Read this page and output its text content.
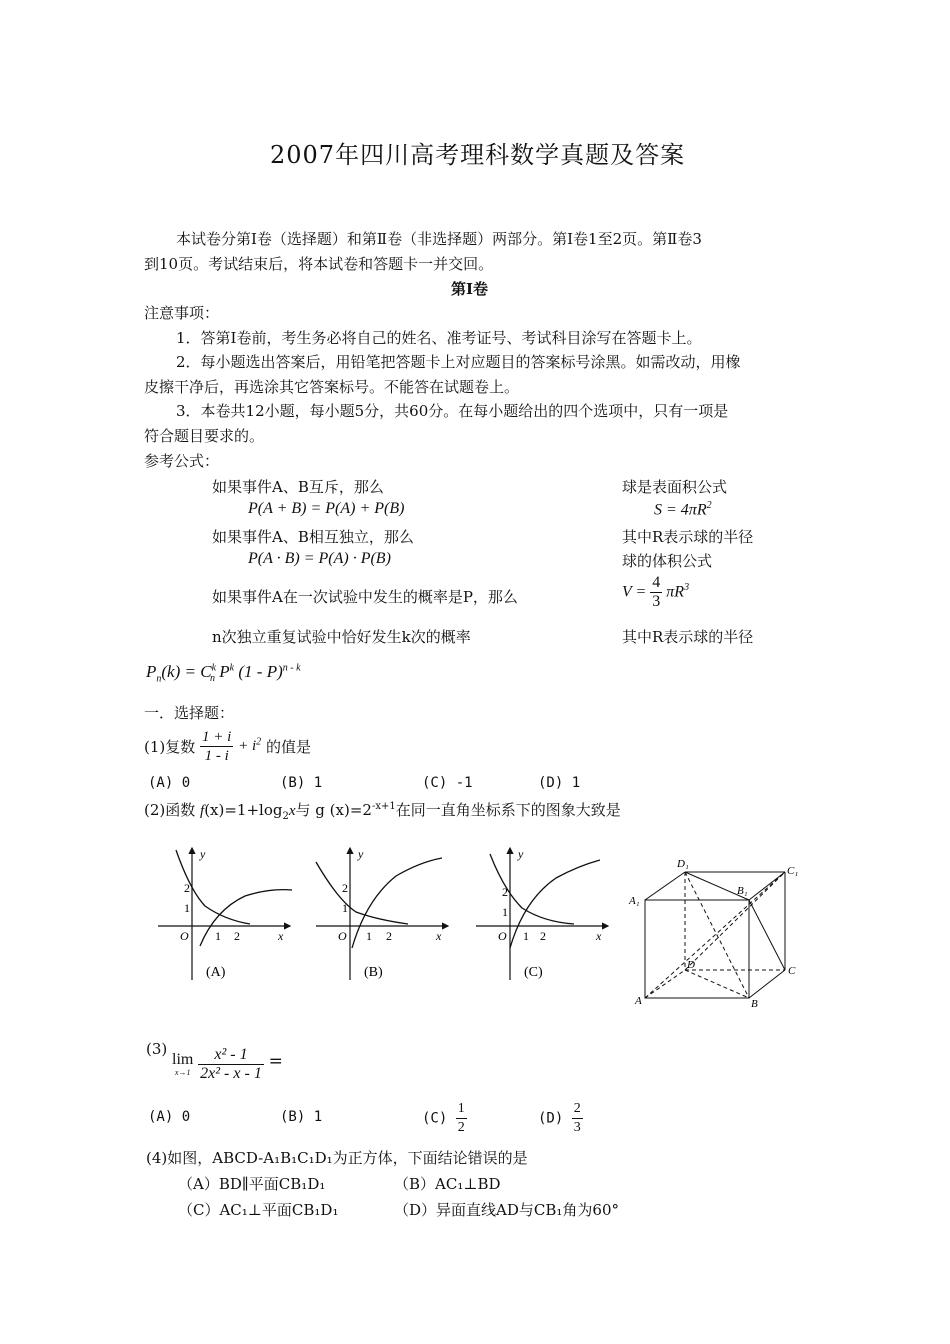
2007年四川高考理科数学真题及答案
本试卷分第Ⅰ卷（选择题）和第Ⅱ卷（非选择题）两部分。第Ⅰ卷1至2页。第Ⅱ卷3
到10页。考试结束后，将本试卷和答题卡一并交回。
第Ⅰ卷
注意事项：
1．答第Ⅰ卷前，考生务必将自己的姓名、准考证号、考试科目涂写在答题卡上。
2．每小题选出答案后，用铅笔把答题卡上对应题目的答案标号涂黑。如需改动，用橡
皮擦干净后，再选涂其它答案标号。不能答在试题卷上。
3．本卷共12小题，每小题5分，共60分。在每小题给出的四个选项中，只有一项是
符合题目要求的。
参考公式：
如果事件A、B互斥，那么
P(A + B) = P(A) + P(B)
如果事件A、B相互独立，那么
P(A · B) = P(A) · P(B)
如果事件A在一次试验中发生的概率是P，那么
n次独立重复试验中恰好发生k次的概率
球是表面积公式
$S = 4\pi R^2$
其中R表示球的半径
球的体积公式
$V = \frac{4}{3} \pi R^3$
其中R表示球的半径
$P_n(k) = C^k_n$ $P^k$ (1 - P)$^{n - k}$
一．选择题：
(1)复数 $\frac{1 + i}{1 - i} + i^2$ 的值是
(A) 0	(B) 1	(C) -1	(D) 1
(2)函数 $f(x)=1+\log_2x$与 g $(x)=2^{-x+1}$在同一直角坐标系下的图象大致是
y
x
O
2
1
1 2
(A)
y
x
O
2
1
1 2
(B)
y
x
O
2
1
1 2
(C)
D₁
C₁
A₁
B₁
D	C
A	B
(3)
lim
x→1
$\frac{\text{x² - 1}}{\text{2x² - x - 1}}$ =
(A) 0	(B) 1	$(C) \frac{1}{2}$	$(D) \frac{2}{3}$
(4)如图，ABCD-A₁B₁C₁D₁为正方体，下面结论错误的是
（A）BD∥平面CB₁D₁	（B）AC₁⊥BD
（C）AC₁⊥平面CB₁D₁	（D）异面直线AD与CB₁角为60°
